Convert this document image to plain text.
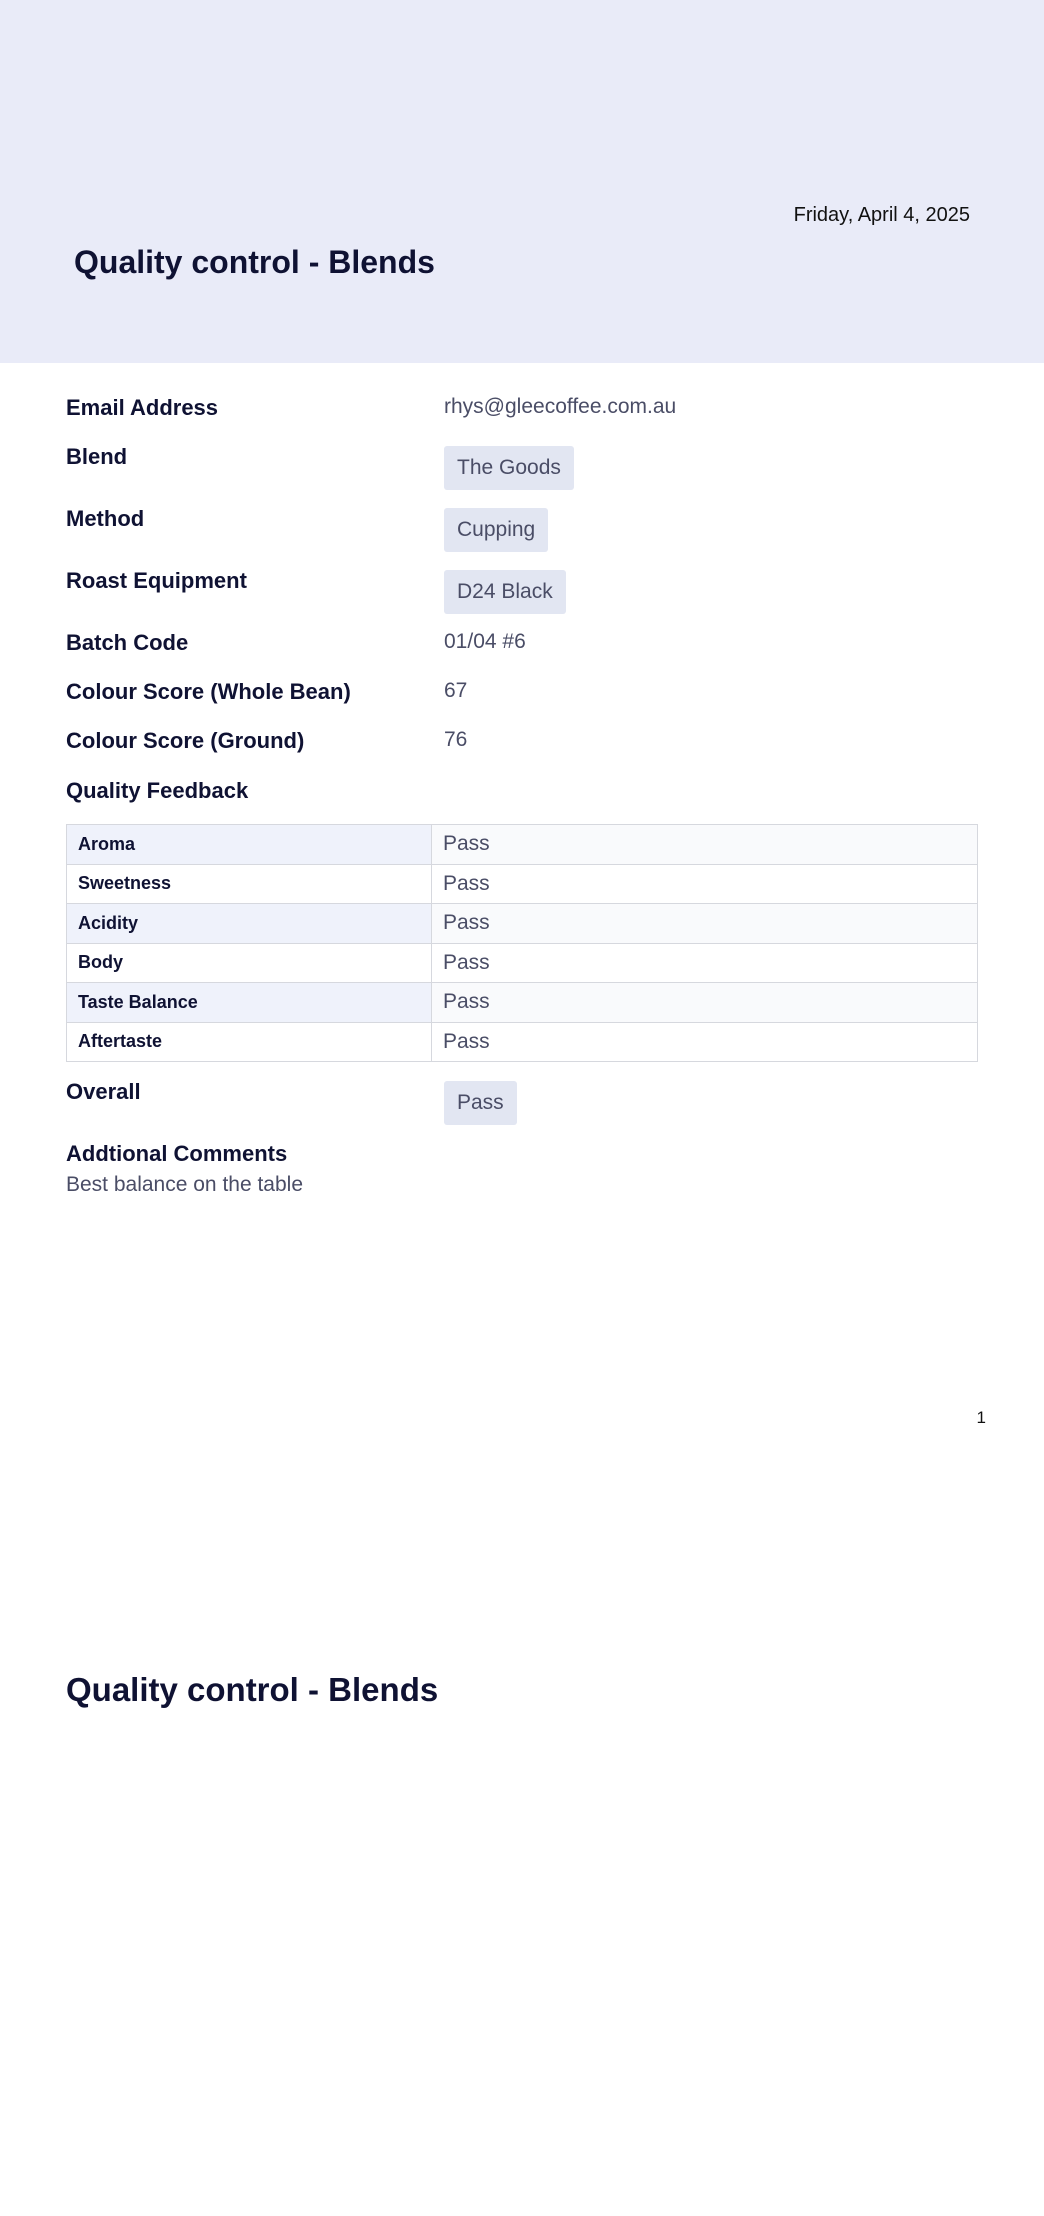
Friday, April 4, 2025
Quality control - Blends
Email Address	rhys@gleecoffee.com.au
Blend	The Goods
Method	Cupping
Roast Equipment	D24 Black
Batch Code	01/04 #6
Colour Score (Whole Bean)	67
Colour Score (Ground)	76
Quality Feedback
Aroma	Pass
Sweetness	Pass
Acidity	Pass
Body	Pass
Taste Balance	Pass
Aftertaste	Pass
Overall	Pass
Addtional Comments
Best balance on the table
1
Quality control - Blends
